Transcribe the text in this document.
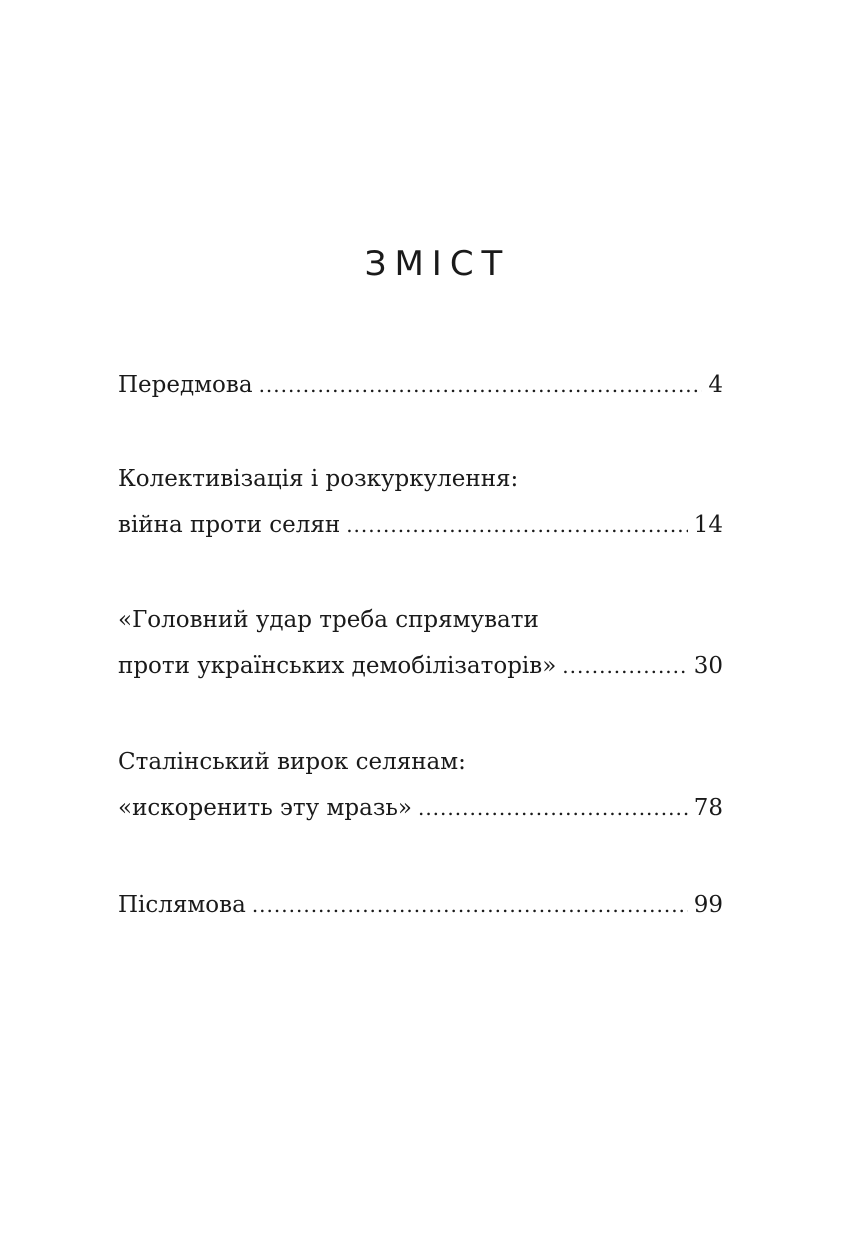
ЗМІСТ
Передмова .....	4
Колективізація і розкуркулення:
війна проти селян .....	14
«Головний удар треба спрямувати
проти українських демобілізаторів» .....	30
Сталінський вирок селянам:
«искоренить эту мразь» .....	78
Післямова .....	99
